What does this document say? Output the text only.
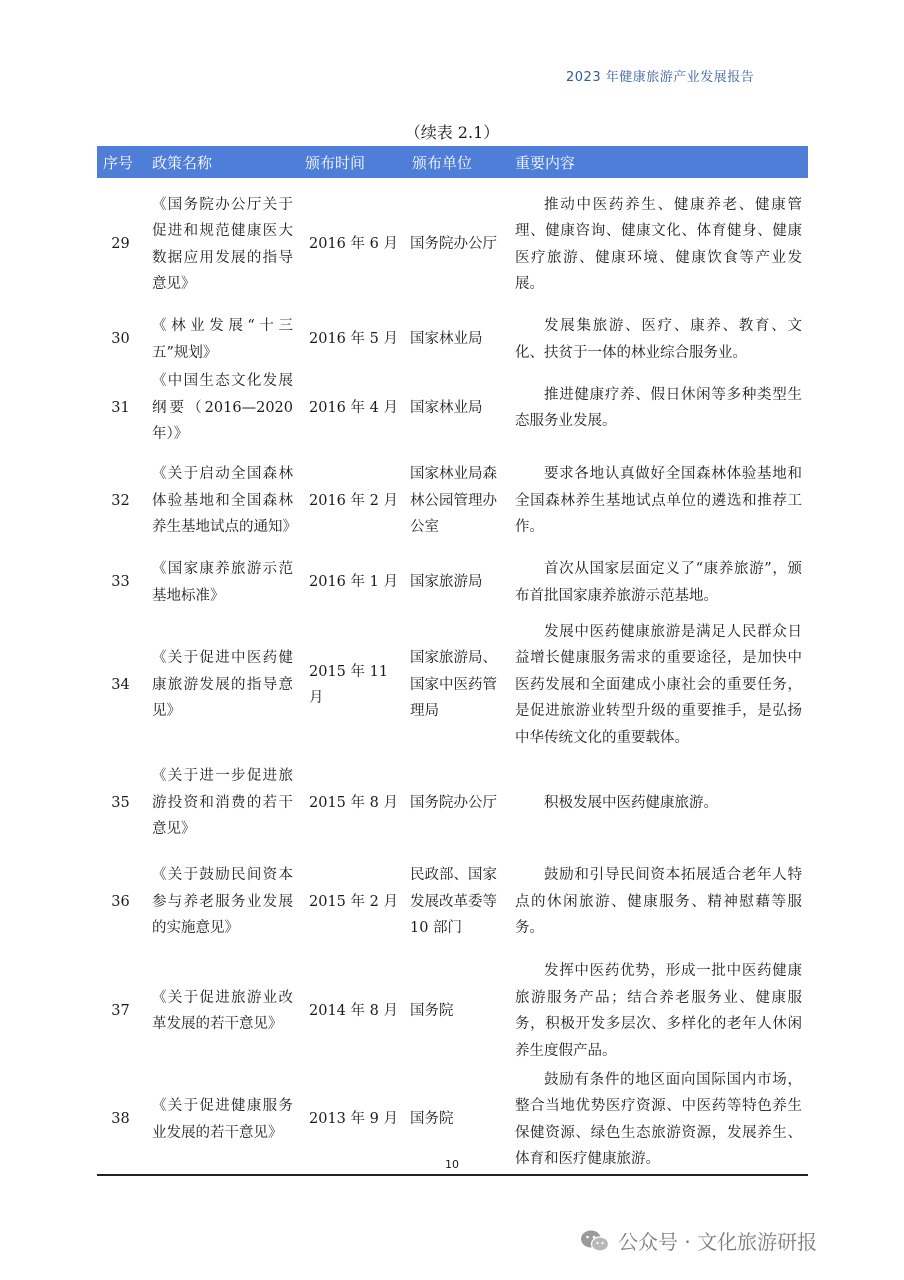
2023 年健康旅游产业发展报告
（续表 2.1）
序号	政策名称	颁布时间	颁布单位	重要内容
29	《国务院办公厅关于促进和规范健康医大数据应用发展的指导意见》	2016 年 6 月	国务院办公厅	推动中医药养生、健康养老、健康管理、健康咨询、健康文化、体育健身、健康医疗旅游、健康环境、健康饮食等产业发展。
30	《林业发展“十三五”规划》	2016 年 5 月	国家林业局	发展集旅游、医疗、康养、教育、文化、扶贫于一体的林业综合服务业。
31	《中国生态文化发展纲要（2016—2020 年）》	2016 年 4 月	国家林业局	推进健康疗养、假日休闲等多种类型生态服务业发展。
32	《关于启动全国森林体验基地和全国森林养生基地试点的通知》	2016 年 2 月	国家林业局森林公园管理办公室	要求各地认真做好全国森林体验基地和全国森林养生基地试点单位的遴选和推荐工作。
33	《国家康养旅游示范基地标准》	2016 年 1 月	国家旅游局	首次从国家层面定义了“康养旅游”，颁布首批国家康养旅游示范基地。
34	《关于促进中医药健康旅游发展的指导意见》	2015 年 11 月	国家旅游局、国家中医药管理局	发展中医药健康旅游是满足人民群众日益增长健康服务需求的重要途径，是加快中医药发展和全面建成小康社会的重要任务，是促进旅游业转型升级的重要推手，是弘扬中华传统文化的重要载体。
35	《关于进一步促进旅游投资和消费的若干意见》	2015 年 8 月	国务院办公厅	积极发展中医药健康旅游。
36	《关于鼓励民间资本参与养老服务业发展的实施意见》	2015 年 2 月	民政部、国家发展改革委等 10 部门	鼓励和引导民间资本拓展适合老年人特点的休闲旅游、健康服务、精神慰藉等服务。
37	《关于促进旅游业改革发展的若干意见》	2014 年 8 月	国务院	发挥中医药优势，形成一批中医药健康旅游服务产品；结合养老服务业、健康服务，积极开发多层次、多样化的老年人休闲养生度假产品。
38	《关于促进健康服务业发展的若干意见》	2013 年 9 月	国务院	鼓励有条件的地区面向国际国内市场，整合当地优势医疗资源、中医药等特色养生保健资源、绿色生态旅游资源，发展养生、体育和医疗健康旅游。
10
公众号 · 文化旅游研报
